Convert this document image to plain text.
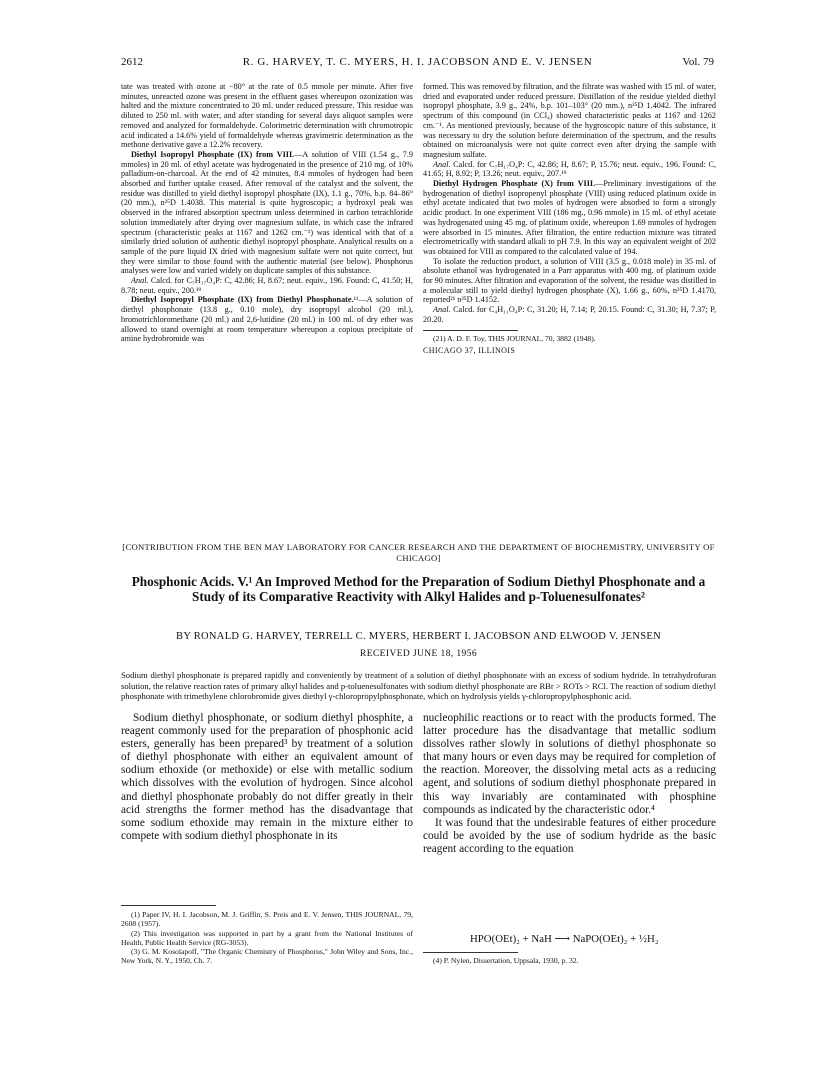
2612	R. G. HARVEY, T. C. MYERS, H. I. JACOBSON AND E. V. JENSEN	Vol. 79

tate was treated with ozone at −80° at the rate of 0.5 mmole per minute. After five minutes, unreacted ozone was present in the effluent gases whereupon ozonization was halted and the mixture concentrated to 20 ml. under reduced pressure. This residue was diluted to 250 ml. with water, and after standing for several days aliquot samples were removed and analyzed for formaldehyde. Colorimetric determination with chromotropic acid indicated a 14.6% yield of formaldehyde whereas gravimetric determination as the methone derivative gave a 12.2% recovery.

Diethyl Isopropyl Phosphate (IX) from VIII.—A solution of VIII (1.54 g., 7.9 mmoles) in 20 ml. of ethyl acetate was hydrogenated in the presence of 210 mg. of 10% palladium-on-charcoal. At the end of 42 minutes, 8.4 mmoles of hydrogen had been absorbed and further uptake ceased. After removal of the catalyst and the solvent, the residue was distilled to yield diethyl isopropyl phosphate (IX), 1.1 g., 70%, b.p. 84–86° (20 mm.), n²⁵D 1.4038. This material is quite hygroscopic; a hydroxyl peak was observed in the infrared absorption spectrum unless determined in carbon tetrachloride solution immediately after drying over magnesium sulfate, in which case the infrared spectrum (characteristic peaks at 1167 and 1262 cm.⁻¹) was identical with that of a similarly dried solution of authentic diethyl isopropyl phosphate. Analytical results on a sample of the pure liquid IX dried with magnesium sulfate were not quite correct, but they were similar to those found with the authentic material (see below). Phosphorus analyses were low and varied widely on duplicate samples of this substance.

Anal. Calcd. for C₇H₁₇O₄P: C, 42.86; H, 8.67; neut. equiv., 196. Found: C, 41.50; H, 8.78; neut. equiv., 200.¹⁹

Diethyl Isopropyl Phosphate (IX) from Diethyl Phosphonate.¹¹—A solution of diethyl phosphonate (13.8 g., 0.10 mole), dry isopropyl alcohol (20 ml.), bromotrichloromethane (20 ml.) and 2,6-lutidine (20 ml.) in 100 ml. of dry ether was allowed to stand overnight at room temperature whereupon a copious precipitate of amine hydrobromide was

formed. This was removed by filtration, and the filtrate was washed with 15 ml. of water, dried and evaporated under reduced pressure. Distillation of the residue yielded diethyl isopropyl phosphate, 3.9 g., 24%, b.p. 101–103° (20 mm.), n²⁵D 1.4042. The infrared spectrum of this compound (in CCl₄) showed characteristic peaks at 1167 and 1262 cm.⁻¹. As mentioned previously, because of the hygroscopic nature of this substance, it was necessary to dry the solution before determination of the spectrum, and the results obtained on microanalysis were not quite correct even after drying the sample with magnesium sulfate.

Anal. Calcd. for C₇H₁₇O₄P: C, 42.86; H, 8.67; P, 15.76; neut. equiv., 196. Found: C, 41.65; H, 8.92; P, 13.26; neut. equiv., 207.¹⁹

Diethyl Hydrogen Phosphate (X) from VIII.—Preliminary investigations of the hydrogenation of diethyl isopropenyl phosphate (VIII) using reduced platinum oxide in ethyl acetate indicated that two moles of hydrogen were absorbed to form a strongly acidic product. In one experiment VIII (186 mg., 0.96 mmole) in 15 ml. of ethyl acetate was hydrogenated using 45 mg. of platinum oxide, whereupon 1.69 mmoles of hydrogen were absorbed in 15 minutes. After filtration, the entire reduction mixture was titrated electrometrically with standard alkali to pH 7.9. In this way an equivalent weight of 202 was obtained for VIII as compared to the calculated value of 194.

To isolate the reduction product, a solution of VIII (3.5 g., 0.018 mole) in 35 ml. of absolute ethanol was hydrogenated in a Parr apparatus with 400 mg. of platinum oxide for 90 minutes. After filtration and evaporation of the solvent, the residue was distilled in a molecular still to yield diethyl hydrogen phosphate (X), 1.66 g., 60%, n²⁵D 1.4170, reported²¹ n²⁵D 1.4152.

Anal. Calcd. for C₄H₁₁O₄P: C, 31.20; H, 7.14; P, 20.15. Found: C, 31.30; H, 7.37; P, 20.20.

(21) A. D. F. Toy, THIS JOURNAL, 70, 3882 (1948).

CHICAGO 37, ILLINOIS

[CONTRIBUTION FROM THE BEN MAY LABORATORY FOR CANCER RESEARCH AND THE DEPARTMENT OF BIOCHEMISTRY, UNIVERSITY OF CHICAGO]
Phosphonic Acids. V.¹ An Improved Method for the Preparation of Sodium Diethyl Phosphonate and a Study of its Comparative Reactivity with Alkyl Halides and p-Toluenesulfonates²
BY RONALD G. HARVEY, TERRELL C. MYERS, HERBERT I. JACOBSON AND ELWOOD V. JENSEN
RECEIVED JUNE 18, 1956
Sodium diethyl phosphonate is prepared rapidly and conveniently by treatment of a solution of diethyl phosphonate with an excess of sodium hydride. In tetrahydrofuran solution, the relative reaction rates of primary alkyl halides and p-toluenesulfonates with sodium diethyl phosphonate are RBr > ROTs > RCl. The reaction of sodium diethyl phosphonate with trimethylene chlorobromide gives diethyl γ-chloropropylphosphonate, which on hydrolysis yields γ-chloropropylphosphonic acid.

Sodium diethyl phosphonate, or sodium diethyl phosphite, a reagent commonly used for the preparation of phosphonic acid esters, generally has been prepared³ by treatment of a solution of diethyl phosphonate with either an equivalent amount of sodium ethoxide (or methoxide) or else with metallic sodium which dissolves with the evolution of hydrogen. Since alcohol and diethyl phosphonate probably do not differ greatly in their acid strengths the former method has the disadvantage that some sodium ethoxide may remain in the mixture either to compete with sodium diethyl phosphonate in its

(1) Paper IV, H. I. Jacobson, M. J. Griffin, S. Preis and E. V. Jensen, THIS JOURNAL, 79, 2608 (1957).

(2) This investigation was supported in part by a grant from the National Institutes of Health, Public Health Service (RG-3053).

(3) G. M. Kosolapoff, "The Organic Chemistry of Phosphorus," John Wiley and Sons, Inc., New York, N. Y., 1950, Ch. 7.

nucleophilic reactions or to react with the products formed. The latter procedure has the disadvantage that metallic sodium dissolves rather slowly in solutions of diethyl phosphonate so that many hours or even days may be required for completion of the reaction. Moreover, the dissolving metal acts as a reducing agent, and solutions of sodium diethyl phosphonate prepared in this way invariably are contaminated with phosphine compounds as indicated by the characteristic odor.⁴

It was found that the undesirable features of either procedure could be avoided by the use of sodium hydride as the basic reagent according to the equation

HPO(OEt)₂ + NaH ⟶ NaPO(OEt)₂ + ½H₂

(4) P. Nylen, Dissertation, Uppsala, 1930, p. 32.
